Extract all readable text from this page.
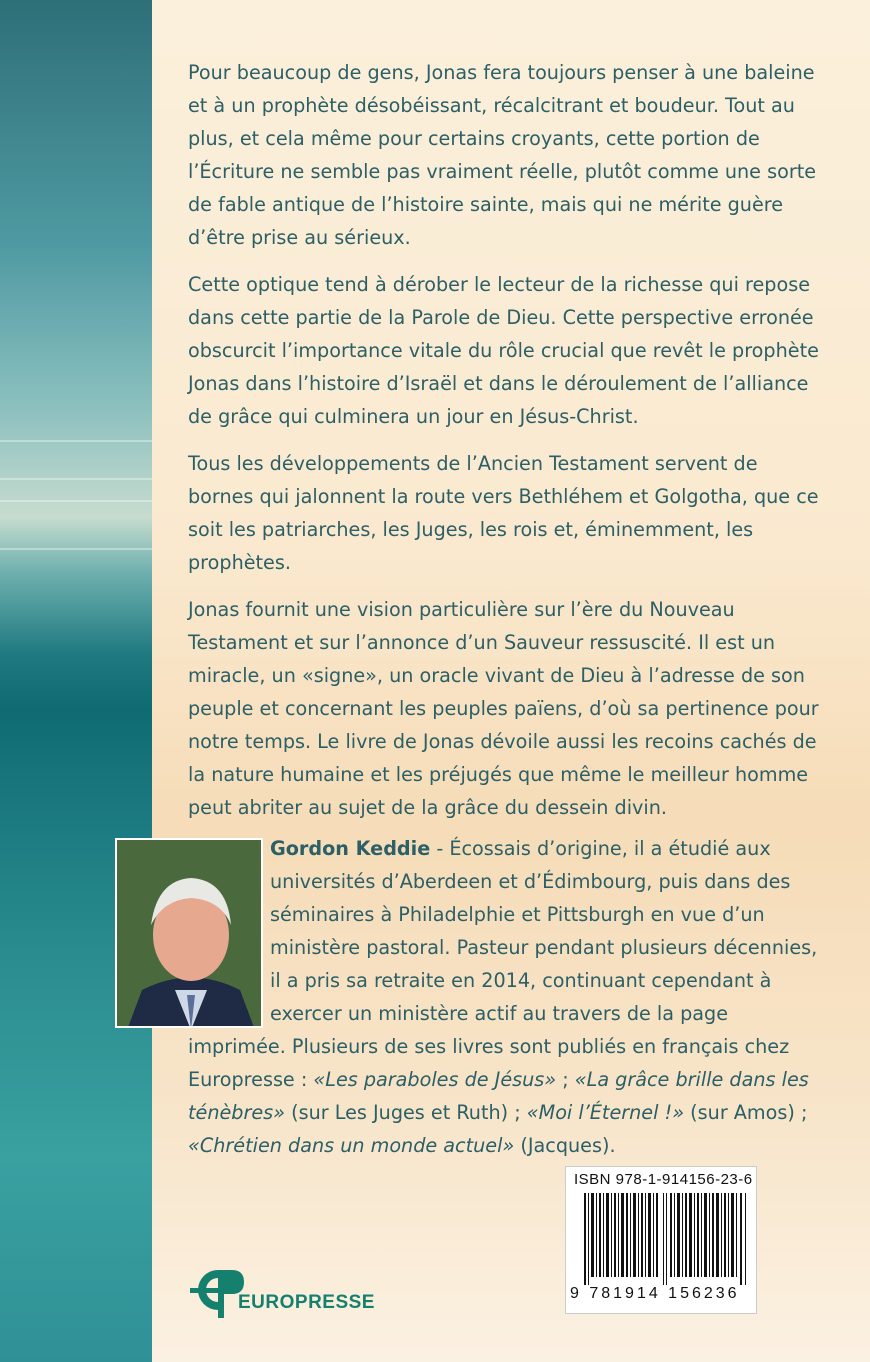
Pour beaucoup de gens, Jonas fera toujours penser à une baleine et à un prophète désobéissant, récalcitrant et boudeur. Tout au plus, et cela même pour certains croyants, cette portion de l’Écriture ne semble pas vraiment réelle, plutôt comme une sorte de fable antique de l’histoire sainte, mais qui ne mérite guère d’être prise au sérieux.

Cette optique tend à dérober le lecteur de la richesse qui repose dans cette partie de la Parole de Dieu. Cette perspective erronée obscurcit l’importance vitale du rôle crucial que revêt le prophète Jonas dans l’histoire d’Israël et dans le déroulement de l’alliance de grâce qui culminera un jour en Jésus-Christ.

Tous les développements de l’Ancien Testament servent de bornes qui jalonnent la route vers Bethléhem et Golgotha, que ce soit les patriarches, les Juges, les rois et, éminemment, les prophètes.

Jonas fournit une vision particulière sur l’ère du Nouveau Testament et sur l’annonce d’un Sauveur ressuscité. Il est un miracle, un «signe», un oracle vivant de Dieu à l’adresse de son peuple et concernant les peuples païens, d’où sa pertinence pour notre temps. Le livre de Jonas dévoile aussi les recoins cachés de la nature humaine et les préjugés que même le meilleur homme peut abriter au sujet de la grâce du dessein divin.

Gordon Keddie - Écossais d’origine, il a étudié aux universités d’Aberdeen et d’Édimbourg, puis dans des séminaires à Philadelphie et Pittsburgh en vue d’un ministère pastoral. Pasteur pendant plusieurs décennies, il a pris sa retraite en 2014, continuant cependant à exercer un ministère actif au travers de la page imprimée. Plusieurs de ses livres sont publiés en français chez Europresse : «Les paraboles de Jésus» ; «La grâce brille dans les ténèbres» (sur Les Juges et Ruth) ; «Moi l’Éternel !» (sur Amos) ; «Chrétien dans un monde actuel» (Jacques).
ISBN 978-1-914156-23-6
9 781914 156236
EUROPRESSE
